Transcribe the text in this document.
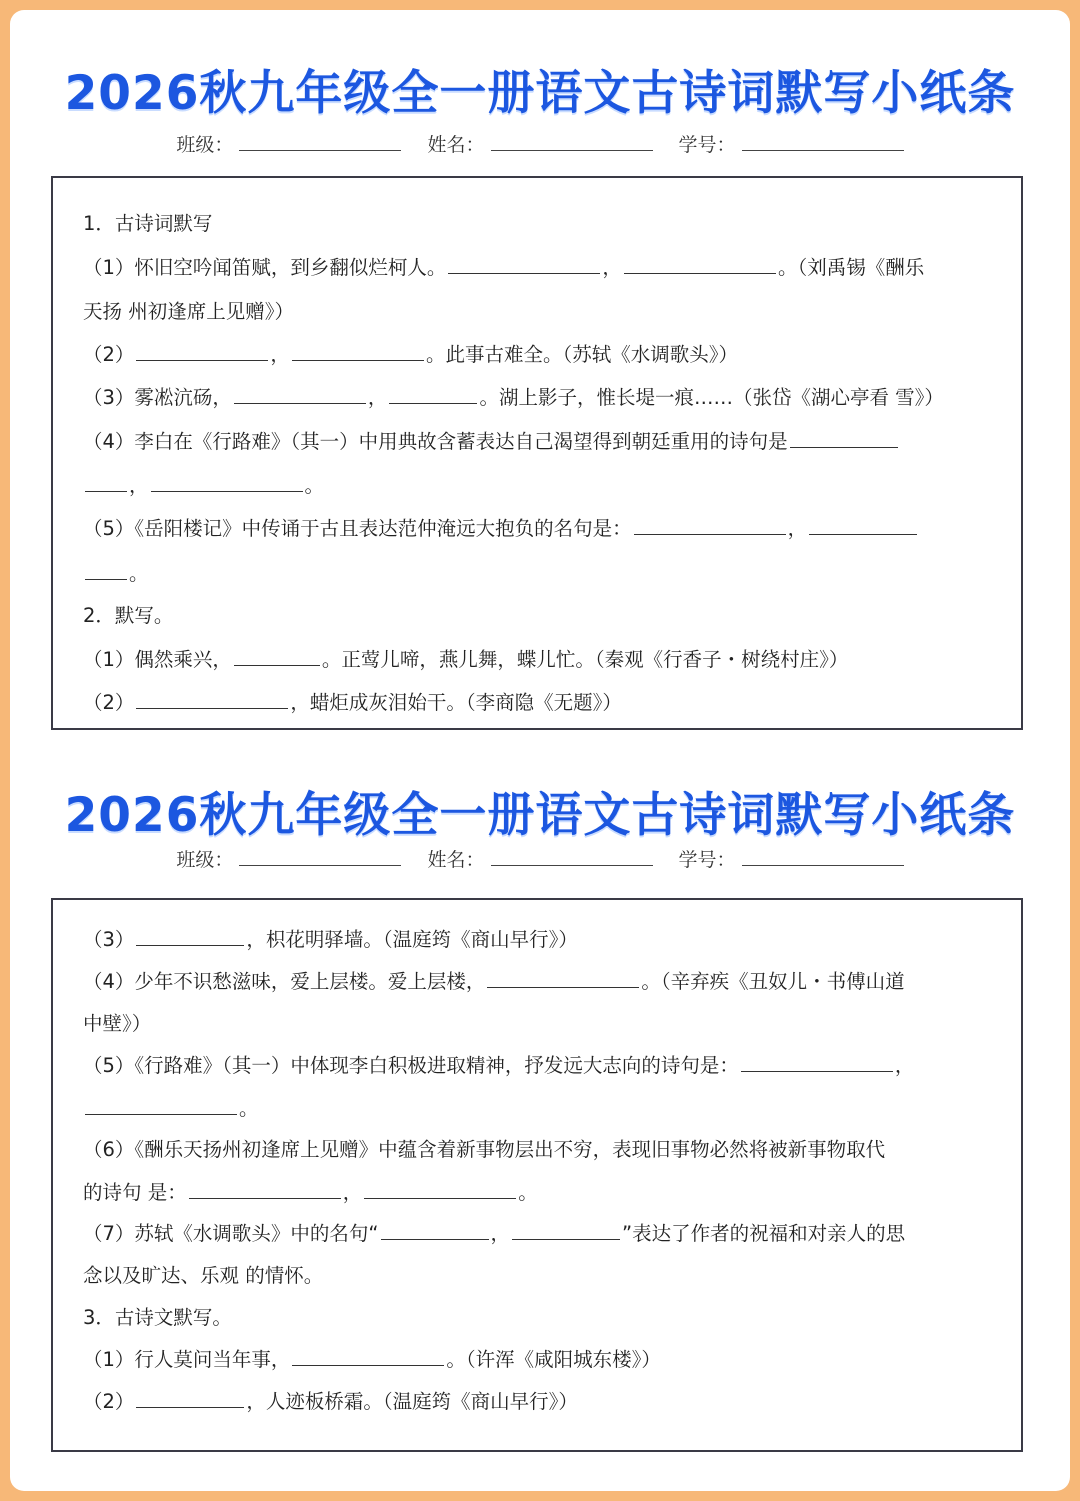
2026秋九年级全一册语文古诗词默写小纸条
班级：	姓名：	学号：
1．古诗词默写
（1）怀旧空吟闻笛赋，到乡翻似烂柯人。	，	。（刘禹锡《酬乐
天扬 州初逢席上见赠》）
（2）	，	。此事古难全。（苏轼《水调歌头》）
（3）雾凇沆砀，	，	。湖上影子，惟长堤一痕……（张岱《湖心亭看 雪》）
（4）李白在《行路难》（其一）中用典故含蓄表达自己渴望得到朝廷重用的诗句是
，	。
（5）《岳阳楼记》中传诵于古且表达范仲淹远大抱负的名句是：	，
。
2．默写。
（1）偶然乘兴，	。正莺儿啼，燕儿舞，蝶儿忙。（秦观《行香子・树绕村庄》）
（2）	，蜡炬成灰泪始干。（李商隐《无题》）
2026秋九年级全一册语文古诗词默写小纸条
班级：	姓名：	学号：
（3）	，枳花明驿墙。（温庭筠《商山早行》）
（4）少年不识愁滋味，爱上层楼。爱上层楼，	。（辛弃疾《丑奴儿・书傅山道
中壁》）
（5）《行路难》（其一）中体现李白积极进取精神，抒发远大志向的诗句是：	，
。
（6）《酬乐天扬州初逢席上见赠》中蕴含着新事物层出不穷，表现旧事物必然将被新事物取代
的诗句 是：	，	。
（7）苏轼《水调歌头》中的名句“	，	”表达了作者的祝福和对亲人的思
念以及旷达、乐观 的情怀。
3．古诗文默写。
（1）行人莫问当年事，	。（许浑《咸阳城东楼》）
（2）	，人迹板桥霜。（温庭筠《商山早行》）
